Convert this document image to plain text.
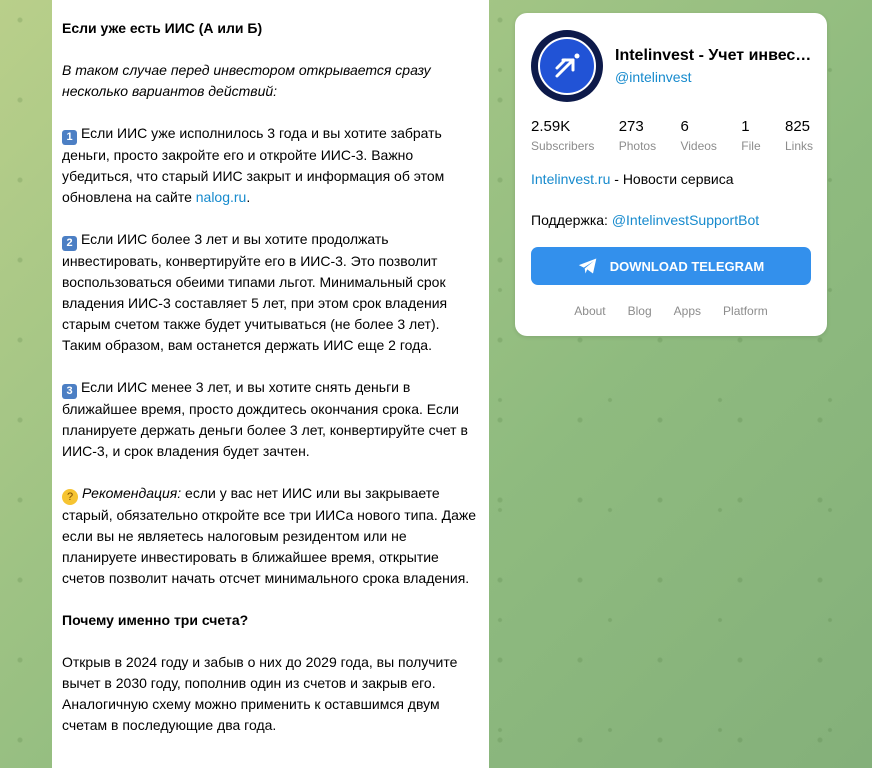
Если уже есть ИИС (А или Б)

В таком случае перед инвестором открывается сразу несколько вариантов действий:

1 Если ИИС уже исполнилось 3 года и вы хотите забрать деньги, просто закройте его и откройте ИИС-3. Важно убедиться, что старый ИИС закрыт и информация об этом обновлена на сайте nalog.ru.

2 Если ИИС более 3 лет и вы хотите продолжать инвестировать, конвертируйте его в ИИС-3. Это позволит воспользоваться обеими типами льгот. Минимальный срок владения ИИС-3 составляет 5 лет, при этом срок владения старым счетом также будет учитываться (не более 3 лет). Таким образом, вам останется держать ИИС еще 2 года.

3 Если ИИС менее 3 лет, и вы хотите снять деньги в ближайшее время, просто дождитесь окончания срока. Если планируете держать деньги более 3 лет, конвертируйте счет в ИИС-3, и срок владения будет зачтен.

? Рекомендация: если у вас нет ИИС или вы закрываете старый, обязательно откройте все три ИИСа нового типа. Даже если вы не являетесь налоговым резидентом или не планируете инвестировать в ближайшее время, открытие счетов позволит начать отсчет минимального срока владения.

Почему именно три счета?

Открыв в 2024 году и забыв о них до 2029 года, вы получите вычет в 2030 году, пополнив один из счетов и закрыв его. Аналогичную схему можно применить к оставшимся двум счетам в последующие два года.

Intelinvest - Учет инвест...
@intelinvest
2.59K
Subscribers
273
Photos
6
Videos
1
File
825
Links
Intelinvest.ru - Новости сервиса
Поддержка: @IntelinvestSupportBot
DOWNLOAD TELEGRAM
About Blog Apps Platform
